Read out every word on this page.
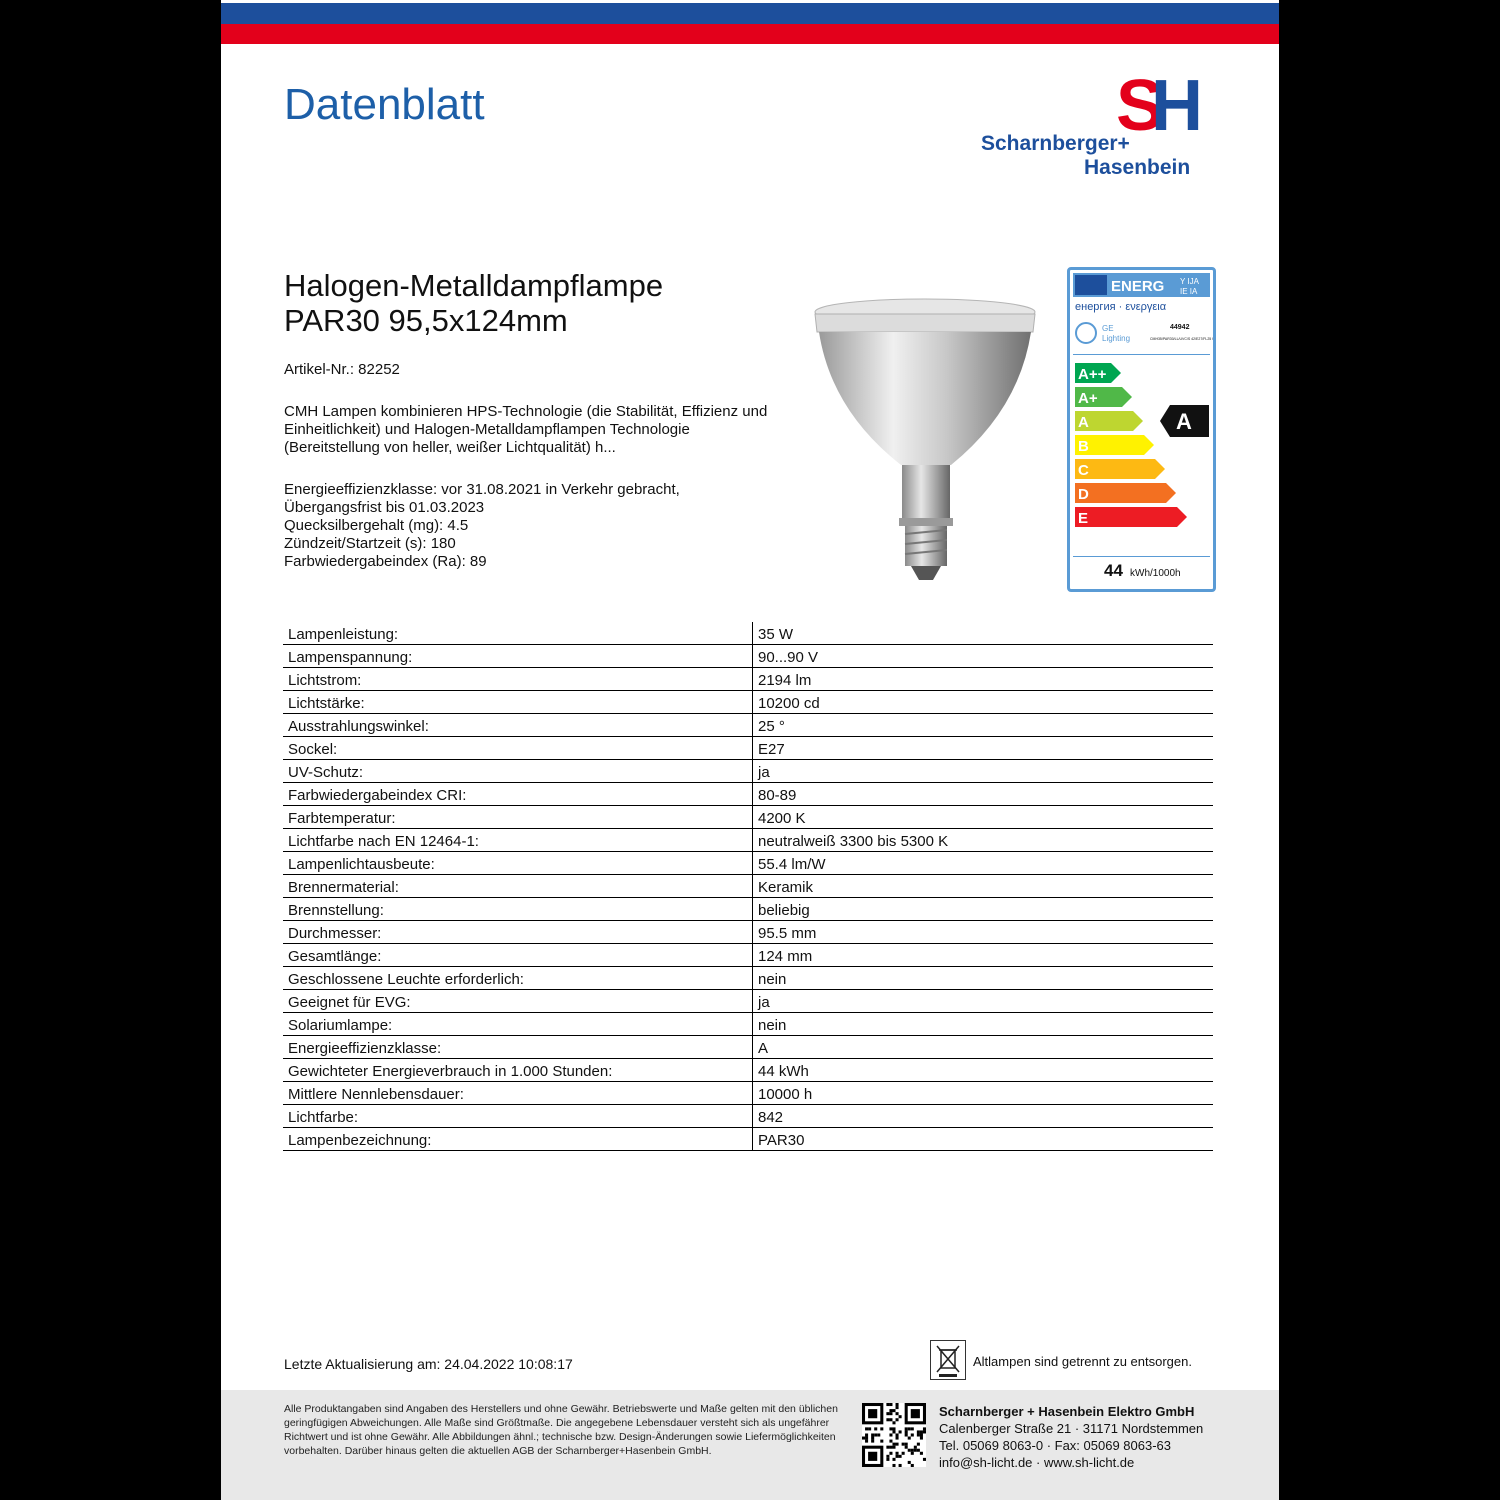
Datenblatt	S
H
Scharnberger+
Hasenbein
Halogen-Metalldampflampe
PAR30 95,5x124mm
Artikel-Nr.: 82252
CMH Lampen kombinieren HPS-Technologie (die Stabilität, Effizienz und Einheitlichkeit) und Halogen-Metalldampflampen Technologie (Bereitstellung von heller, weißer Lichtqualität) h...
Energieeffizienzklasse: vor 31.08.2021 in Verkehr gebracht,
Übergangsfrist bis 01.03.2023
Quecksilbergehalt (mg): 4.5
Zündzeit/Startzeit (s): 180
Farbwiedergabeindex (Ra): 89
ENERG Y IJA
IE IA
енергия · ενεργεια
GE
Lighting
44942
CMH35/PAR30/LL/UVC/S 42/E27/FL25 UV
A++
A+
A
B
C
D
E
A
44 kWh/1000h
Lampenleistung:	35 W
Lampenspannung:	90...90 V
Lichtstrom:	2194 lm
Lichtstärke:	10200 cd
Ausstrahlungswinkel:	25 °
Sockel:	E27
UV-Schutz:	ja
Farbwiedergabeindex CRI:	80-89
Farbtemperatur:	4200 K
Lichtfarbe nach EN 12464-1:	neutralweiß 3300 bis 5300 K
Lampenlichtausbeute:	55.4 lm/W
Brennermaterial:	Keramik
Brennstellung:	beliebig
Durchmesser:	95.5 mm
Gesamtlänge:	124 mm
Geschlossene Leuchte erforderlich:	nein
Geeignet für EVG:	ja
Solariumlampe:	nein
Energieeffizienzklasse:	A
Gewichteter Energieverbrauch in 1.000 Stunden:	44 kWh
Mittlere Nennlebensdauer:	10000 h
Lichtfarbe:	842
Lampenbezeichnung:	PAR30
Letzte Aktualisierung am: 24.04.2022 10:08:17	Altlampen sind getrennt zu entsorgen.
Alle Produktangaben sind Angaben des Herstellers und ohne Gewähr. Betriebswerte und Maße gelten mit den üblichen geringfügigen Abweichungen. Alle Maße sind Größtmaße. Die angegebene Lebensdauer versteht sich als ungefährer Richtwert und ist ohne Gewähr. Alle Abbildungen ähnl.; technische bzw. Design-Änderungen sowie Liefermöglichkeiten vorbehalten. Darüber hinaus gelten die aktuellen AGB der Scharnberger+Hasenbein GmbH.
Scharnberger + Hasenbein Elektro GmbH
Calenberger Straße 21 · 31171 Nordstemmen
Tel. 05069 8063-0 · Fax: 05069 8063-63
info@sh-licht.de · www.sh-licht.de
